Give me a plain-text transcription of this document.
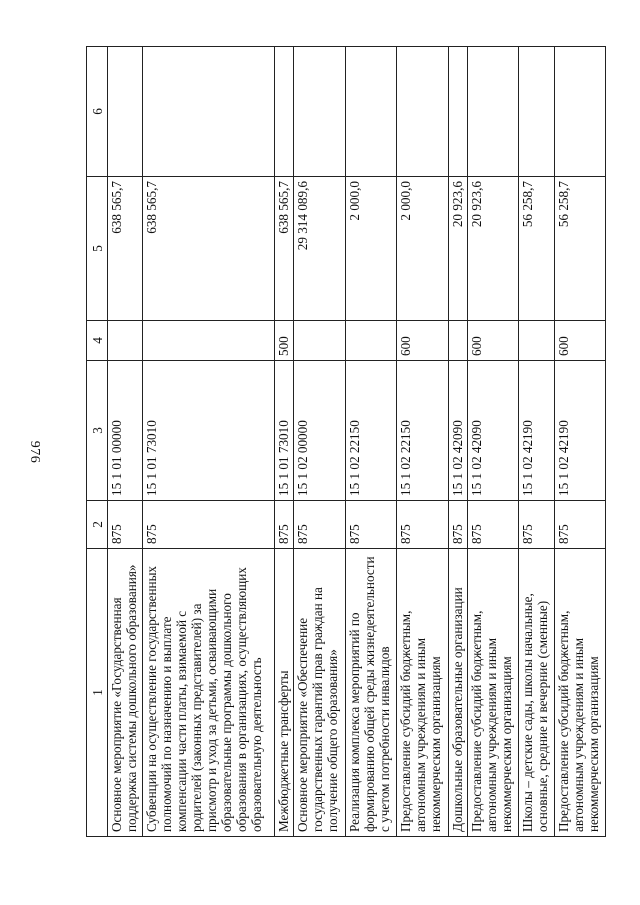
976
1	2	3	4	5	6
Основное мероприятие «Государственная поддержка системы дошкольного образования»	875	15 1 01 00000		638 565,7	
Субвенции на осуществление государственных полномочий по назначению и выплате компенсации части платы, взимаемой с родителей (законных представителей) за присмотр и уход за детьми, осваивающими образовательные программы дошкольного образования в организациях, осуществляющих образовательную деятельность	875	15 1 01 73010		638 565,7	
Межбюджетные трансферты	875	15 1 01 73010	500	638 565,7	
Основное мероприятие «Обеспечение государственных гарантий прав граждан на получение общего образования»	875	15 1 02 00000		29 314 089,6	
Реализация комплекса мероприятий по формированию общей среды жизнедеятельности с учетом потребности инвалидов	875	15 1 02 22150		2 000,0	
Предоставление субсидий бюджетным, автономным учреждениям и иным некоммерческим организациям	875	15 1 02 22150	600	2 000,0	
Дошкольные образовательные организации	875	15 1 02 42090		20 923,6	
Предоставление субсидий бюджетным, автономным учреждениям и иным некоммерческим организациям	875	15 1 02 42090	600	20 923,6	
Школы – детские сады, школы начальные, основные, средние и вечерние (сменные)	875	15 1 02 42190		56 258,7	
Предоставление субсидий бюджетным, автономным учреждениям и иным некоммерческим организациям	875	15 1 02 42190	600	56 258,7	
